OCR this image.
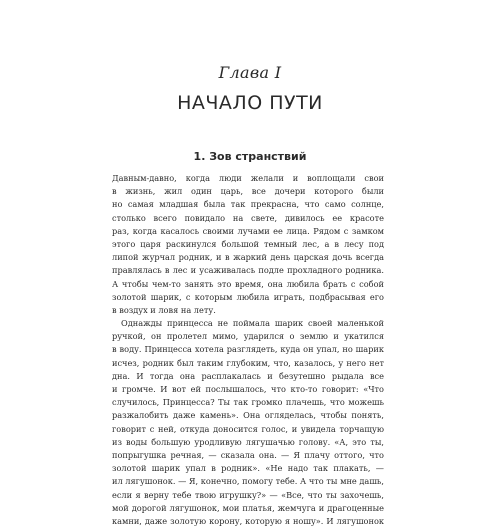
Глава I
НАЧАЛО ПУТИ
1. Зов странствий
Давным-давно, когда люди желали и воплощали свои
в жизнь, жил один царь, все дочери которого были
но самая младшая была так прекрасна, что само солнце,
столько всего повидало на свете, дивилось ее красоте
раз, когда касалось своими лучами ее лица. Рядом с замком
этого царя раскинулся большой темный лес, а в лесу под
липой журчал родник, и в жаркий день царская дочь всегда
правлялась в лес и усаживалась подле прохладного родника.
А чтобы чем-то занять это время, она любила брать с собой
золотой шарик, с которым любила играть, подбрасывая его
в воздух и ловя на лету.
Однажды принцесса не поймала шарик своей маленькой
ручкой, он пролетел мимо, ударился о землю и укатился
в воду. Принцесса хотела разглядеть, куда он упал, но шарик
исчез, родник был таким глубоким, что, казалось, у него нет
дна. И тогда она расплакалась и безутешно рыдала все
и громче. И вот ей послышалось, что кто-то говорит: «Что
случилось, Принцесса? Ты так громко плачешь, что можешь
разжалобить даже камень». Она огляделась, чтобы понять,
говорит с ней, откуда доносится голос, и увидела торчащую
из воды большую уродливую лягушачью голову. «А, это ты,
попрыгушка речная, — сказала она. — Я плачу оттого, что
золотой шарик упал в родник». «Не надо так плакать, —
ил лягушонок. — Я, конечно, помогу тебе. А что ты мне дашь,
если я верну тебе твою игрушку?» — «Все, что ты захочешь,
мой дорогой лягушонок, мои платья, жемчуга и драгоценные
камни, даже золотую корону, которую я ношу». И лягушонок
